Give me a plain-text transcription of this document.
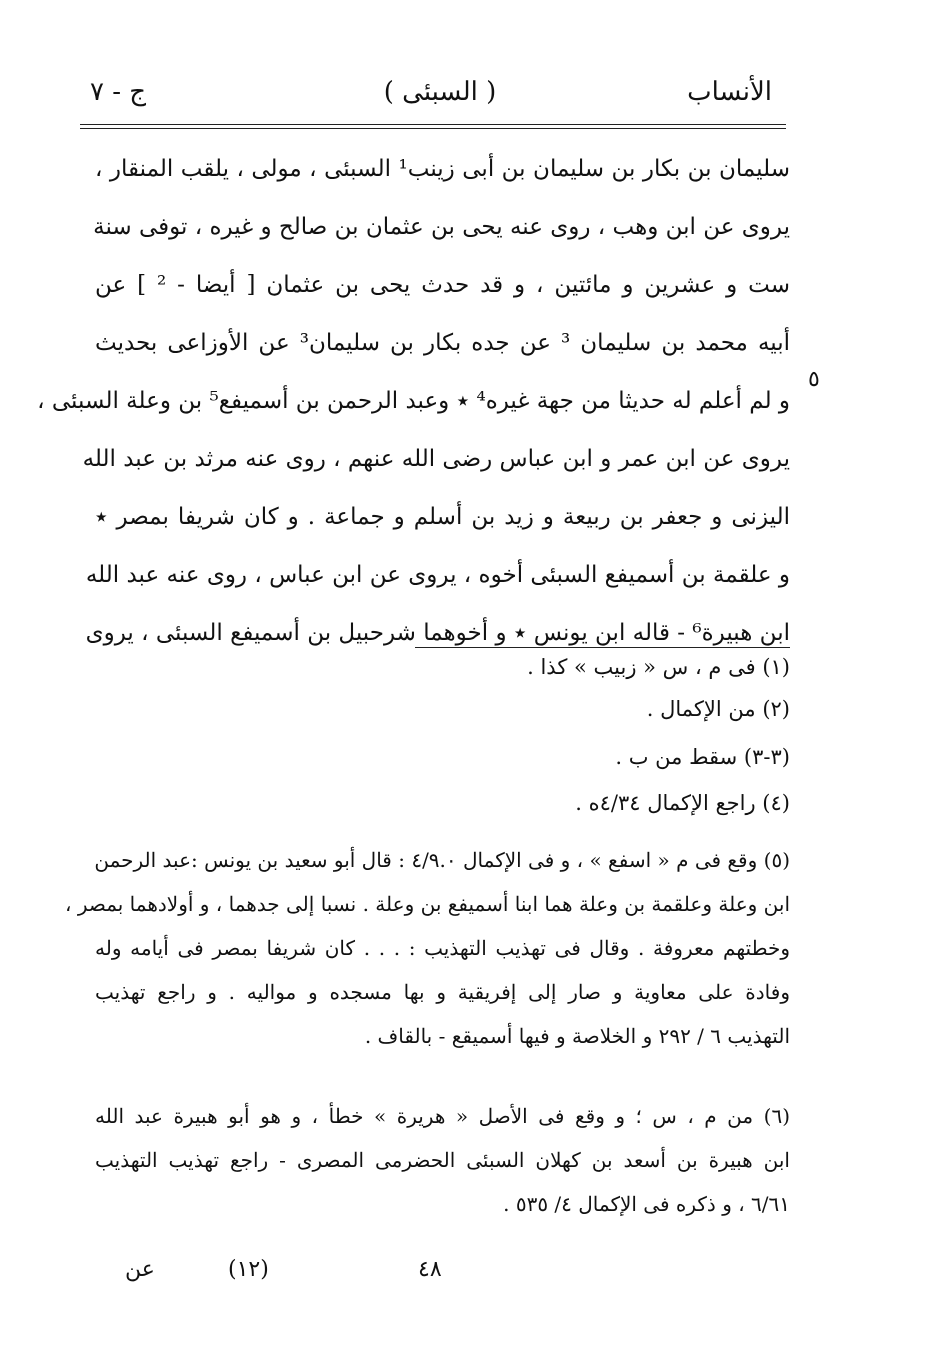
الأنساب
( السبئى )
ج - ٧
سليمان بن بكار بن سليمان بن أبى زينب¹ السبئى ، مولى ، يلقب المنقار ،
يروى عن ابن وهب ، روى عنه يحى بن عثمان بن صالح و غيره ، توفى سنة
ست و عشرين و مائتين ، و قد حدث يحى بن عثمان [ أيضا - ² ] عن
أبيه محمد بن سليمان ³ عن جده بكار بن سليمان³ عن الأوزاعى بحديث
و لم أعلم له حديثا من جهة غيره⁴ ٭ وعبد الرحمن بن أسميفع⁵ بن وعلة السبئى ،
يروى عن ابن عمر و ابن عباس رضى الله عنهم ، روى عنه مرثد بن عبد الله
اليزنى و جعفر بن ربيعة و زيد بن أسلم و جماعة . و كان شريفا بمصر ٭
و علقمة بن أسميفع السبئى أخوه ، يروى عن ابن عباس ، روى عنه عبد الله
ابن هبيرة⁶ - قاله ابن يونس ٭ و أخوهما شرحبيل بن أسميفع السبئى ، يروى
٥
(١) فى م ، س « زبيب » كذا .
(٢) من الإكمال .
(٣-٣) سقط من ب .
(٤) راجع الإكمال ٤/٣٤ه .
(٥) وقع فى م « اسفع » ، و فى الإكمال ٤/٩.٠ : قال أبو سعيد بن يونس :عبد الرحمن
ابن وعلة وعلقمة بن وعلة هما ابنا أسميفع بن وعلة . نسبا إلى جدهما ، و أولادهما بمصر ،
وخطتهم معروفة . وقال فى تهذيب التهذيب : . . . كان شريفا بمصر فى أيامه وله
وفادة على معاوية و صار إلى إفريقية و بها مسجده و مواليه . و راجع تهذيب
التهذيب ٦ / ٢٩٢ و الخلاصة و فيها أسميقع - بالقاف .
(٦) من م ، س ؛ و وقع فى الأصل « هريرة » خطأ ، و هو أبو هبيرة عبد الله
ابن هبيرة بن أسعد بن كهلان السبئى الحضرمى المصرى - راجع تهذيب التهذيب
٦/٦١ ، و ذكره فى الإكمال ٤/ ٥٣٥ .
٤٨
(١٢)
عن
